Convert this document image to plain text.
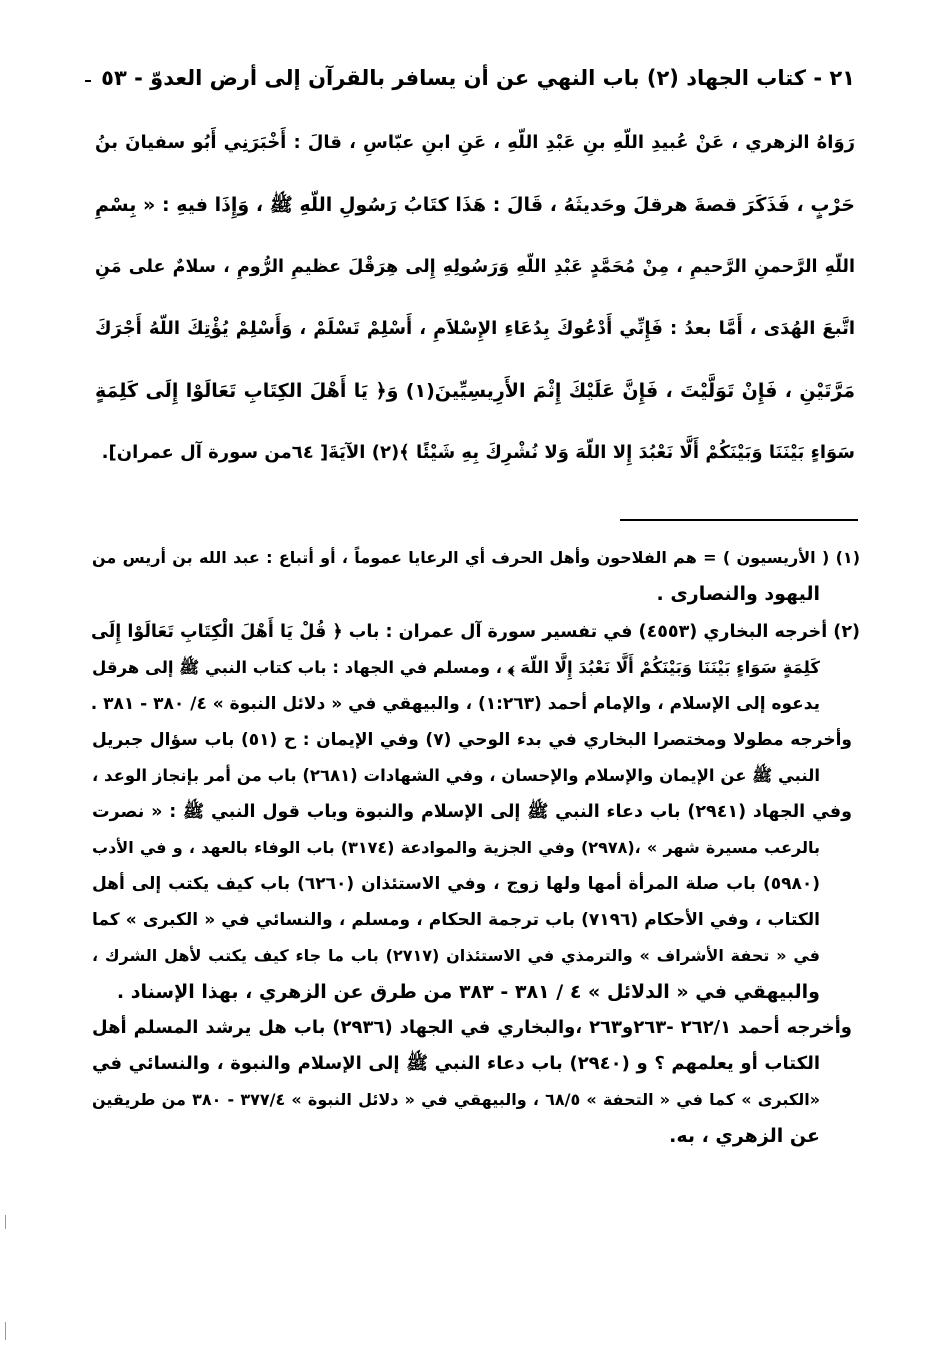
٢١ - كتاب الجهاد (٢) باب النهي عن أن يسافر بالقرآن إلى أرض العدوّ - ٥٣
رَوَاهُ الزهري ، عَنْ عُبيدِ اللّهِ بنِ عَبْدِ اللّهِ ، عَنِ ابنِ عبّاسِ ، قالَ : أَخْبَرَنِي أَبُو سفيانَ بنُ
حَرْبٍ ، فَذَكَرَ قصةَ هرقلَ وحَديثَهُ ، قَالَ : هَذَا كتَابُ رَسُولِ اللّهِ ﷺ ، وَإِذَا فيهِ : « بِسْمِ
اللّهِ الرَّحمنِ الرَّحيمِ ، مِنْ مُحَمَّدٍ عَبْدِ اللّهِ وَرَسُولِهِ إِلى هِرَقْلَ عظيمِ الرُّومِ ، سلامٌ على مَنِ
اتَّبعَ الهُدَى ، أَمَّا بعدُ : فَإِنِّي أَدْعُوكَ بِدُعَاءِ الإِسْلاَمِ ، أَسْلِمْ تَسْلَمْ ، وَأَسْلِمْ يُؤْتِكَ اللّهُ أَجْرَكَ
مَرَّتَيْنِ ، فَإِنْ تَوَلَّيْتَ ، فَإِنَّ عَلَيْكَ إِثْمَ الأَرِيسِيِّينَ(١) وَ﴿ يَا أَهْلَ الكِتَابِ تَعَالَوْا إِلَى كَلِمَةٍ
سَوَاءٍ بَيْنَنَا وَبَيْنَكُمْ أَلَّا نَعْبُدَ إِلا اللّهَ وَلا نُشْرِكَ بِهِ شَيْئًا ﴾(٢) الآيَةَ[ ٦٤من سورة آل عمران].
(١) ( الأريسيون ) = هم الفلاحون وأهل الحرف أي الرعايا عموماً ، أو أتباع : عبد الله بن أريس من
اليهود والنصارى .
(٢) أخرجه البخاري (٤٥٥٣) في تفسير سورة آل عمران : باب ﴿ قُلْ يَا أَهْلَ الْكِتَابِ تَعَالَوْا إِلَى
كَلِمَةٍ سَوَاءٍ بَيْنَنَا وَبَيْنَكُمْ أَلَّا نَعْبُدَ إِلَّا اللّهَ ﴾ ، ومسلم في الجهاد : باب كتاب النبي ﷺ إلى هرقل
يدعوه إلى الإسلام ، والإمام أحمد (١:٢٦٣) ، والبيهقي في « دلائل النبوة » ٤/ ٣٨٠ - ٣٨١ .
وأخرجه مطولا ومختصرا البخاري في بدء الوحي (٧) وفي الإيمان : ح (٥١) باب سؤال جبريل
النبي ﷺ عن الإيمان والإسلام والإحسان ، وفي الشهادات (٢٦٨١) باب من أمر بإنجاز الوعد ،
وفي الجهاد (٢٩٤١) باب دعاء النبي ﷺ إلى الإسلام والنبوة وباب قول النبي ﷺ : « نصرت
بالرعب مسيرة شهر » ،(٢٩٧٨) وفي الجزية والموادعة (٣١٧٤) باب الوفاء بالعهد ، و في الأدب
(٥٩٨٠) باب صلة المرأة أمها ولها زوج ، وفي الاستئذان (٦٢٦٠) باب كيف يكتب إلى أهل
الكتاب ، وفي الأحكام (٧١٩٦) باب ترجمة الحكام ، ومسلم ، والنسائي في « الكبرى » كما
في « تحفة الأشراف » والترمذي في الاستئذان (٢٧١٧) باب ما جاء كيف يكتب لأهل الشرك ،
والبيهقي في « الدلائل » ٤ / ٣٨١ - ٣٨٣ من طرق عن الزهري ، بهذا الإسناد .
وأخرجه أحمد ٢٦٢/١ -٢٦٣و٢٦٣ ،والبخاري في الجهاد (٢٩٣٦) باب هل يرشد المسلم أهل
الكتاب أو يعلمهم ؟ و (٢٩٤٠) باب دعاء النبي ﷺ إلى الإسلام والنبوة ، والنسائي في
«الكبرى » كما في « التحفة » ٦٨/٥ ، والبيهقي في « دلائل النبوة » ٣٧٧/٤ - ٣٨٠ من طريقين
عن الزهري ، به.
